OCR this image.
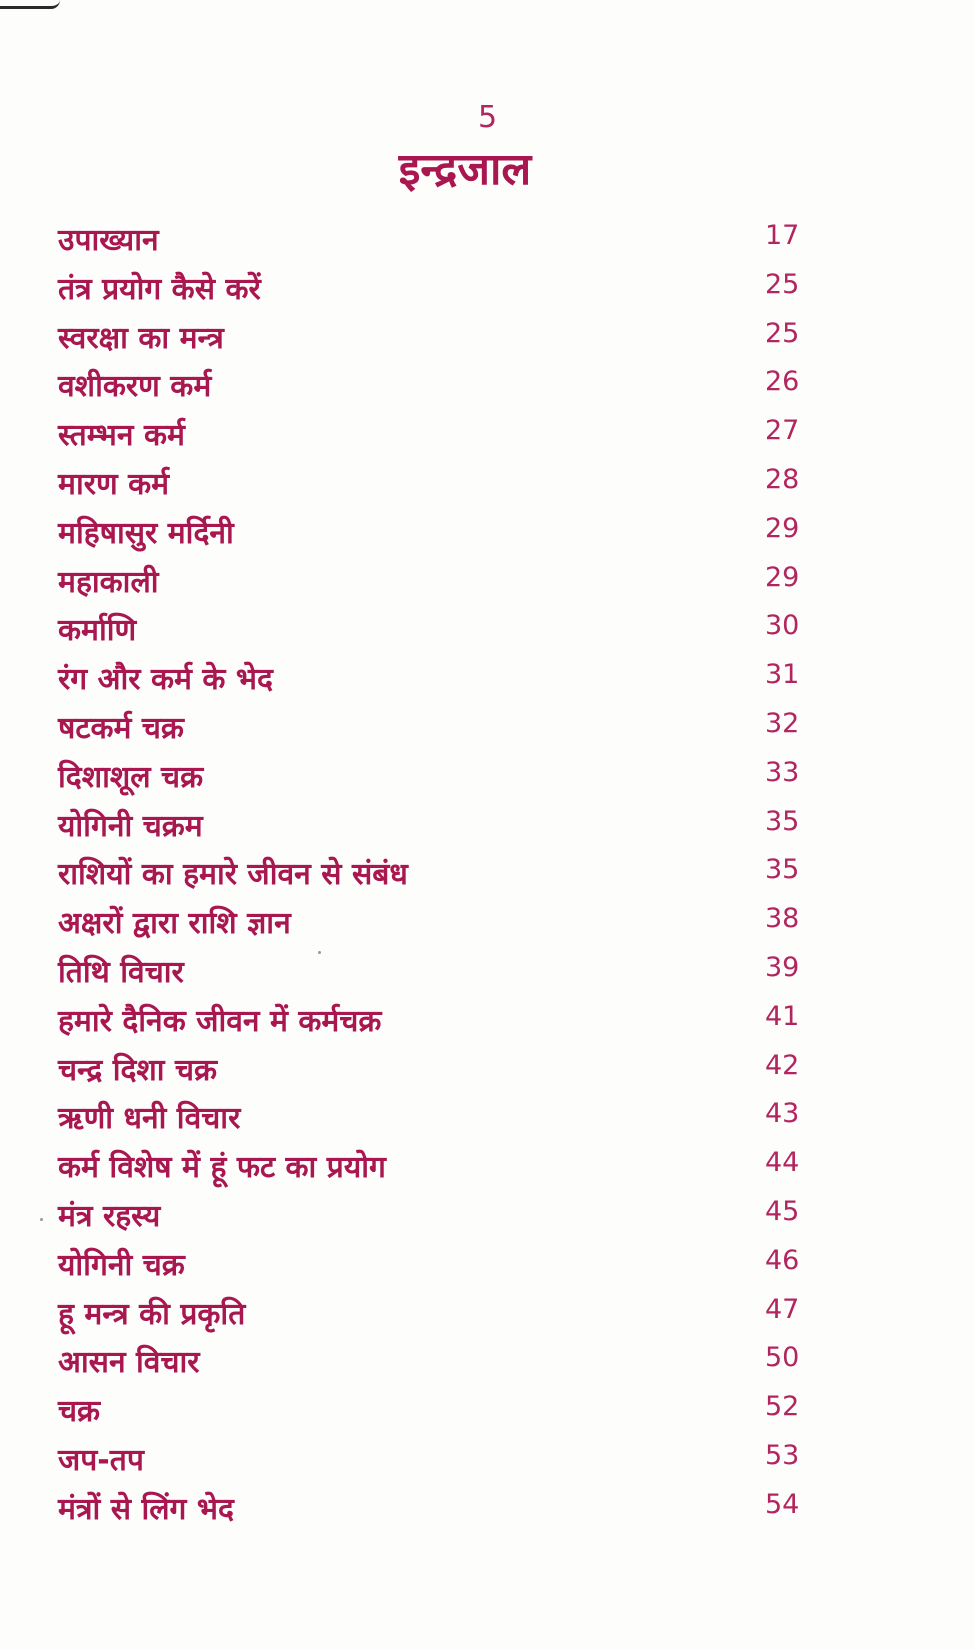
5
इन्द्रजाल
उपाख्यान	17
तंत्र प्रयोग कैसे करें	25
स्वरक्षा का मन्त्र	25
वशीकरण कर्म	26
स्तम्भन कर्म	27
मारण कर्म	28
महिषासुर मर्दिनी	29
महाकाली	29
कर्माणि	30
रंग और कर्म के भेद	31
षटकर्म चक्र	32
दिशाशूल चक्र	33
योगिनी चक्रम	35
राशियों का हमारे जीवन से संबंध	35
अक्षरों द्वारा राशि ज्ञान	38
तिथि विचार	39
हमारे दैनिक जीवन में कर्मचक्र	41
चन्द्र दिशा चक्र	42
ऋणी धनी विचार	43
कर्म विशेष में हूं फट का प्रयोग	44
मंत्र रहस्य	45
योगिनी चक्र	46
हू मन्त्र की प्रकृति	47
आसन विचार	50
चक्र	52
जप-तप	53
मंत्रों से लिंग भेद	54
